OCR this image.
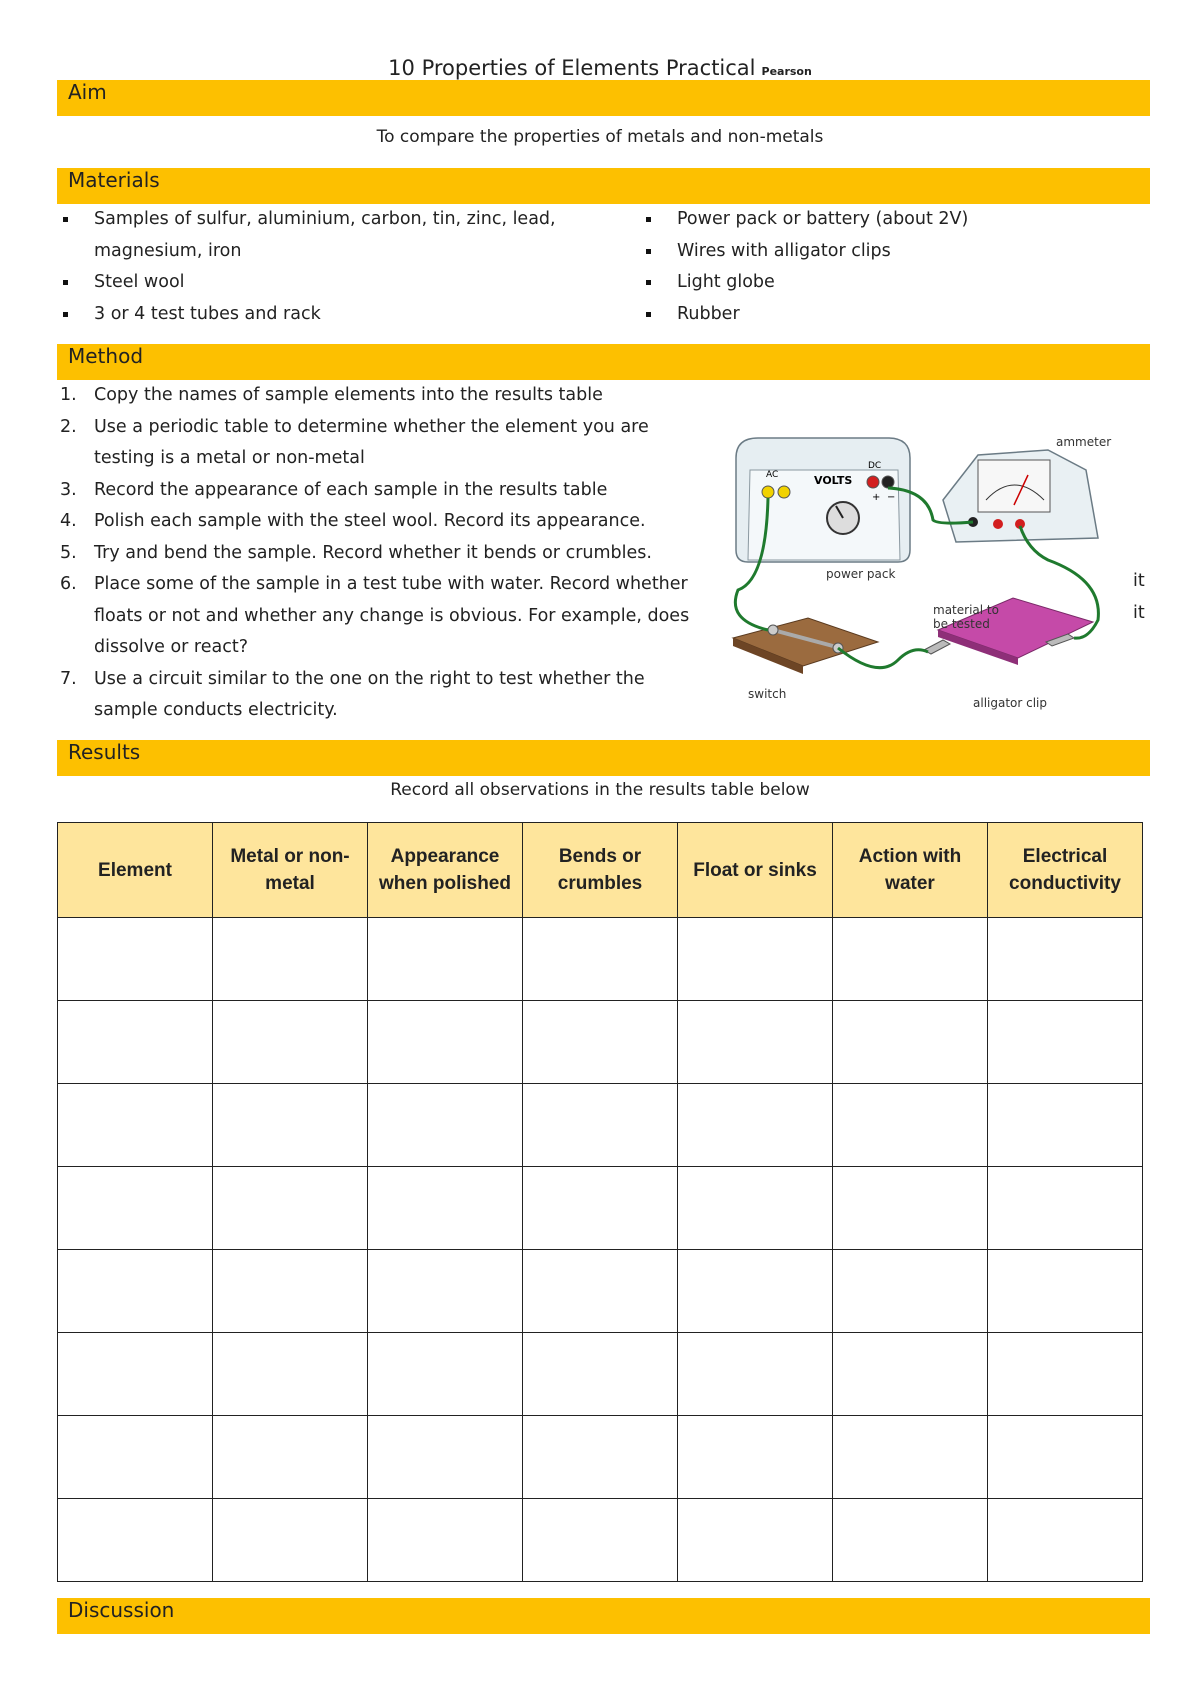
10 Properties of Elements Practical Pearson
Aim
To compare the properties of metals and non-metals
Materials
Samples of sulfur, aluminium, carbon, tin, zinc, lead, magnesium, iron
Steel wool
3 or 4 test tubes and rack
Power pack or battery (about 2V)
Wires with alligator clips
Light globe
Rubber
Method
1. Copy the names of sample elements into the results table
2. Use a periodic table to determine whether the element you are testing is a metal or non-metal
3. Record the appearance of each sample in the results table
4. Polish each sample with the steel wool. Record its appearance.
5. Try and bend the sample. Record whether it bends or crumbles.
6. Place some of the sample in a test tube with water. Record whether floats or not and whether any change is obvious. For example, does dissolve or react?
7. Use a circuit similar to the one on the right to test whether the sample conducts electricity.
it
it
AC	VOLTS
DC
+ −
power pack
ammeter
switch
material to
be tested
alligator clip
Results
Record all observations in the results table below
Element	Metal or non-metal	Appearance when polished	Bends or crumbles	Float or sinks	Action with water	Electrical conductivity

Discussion
